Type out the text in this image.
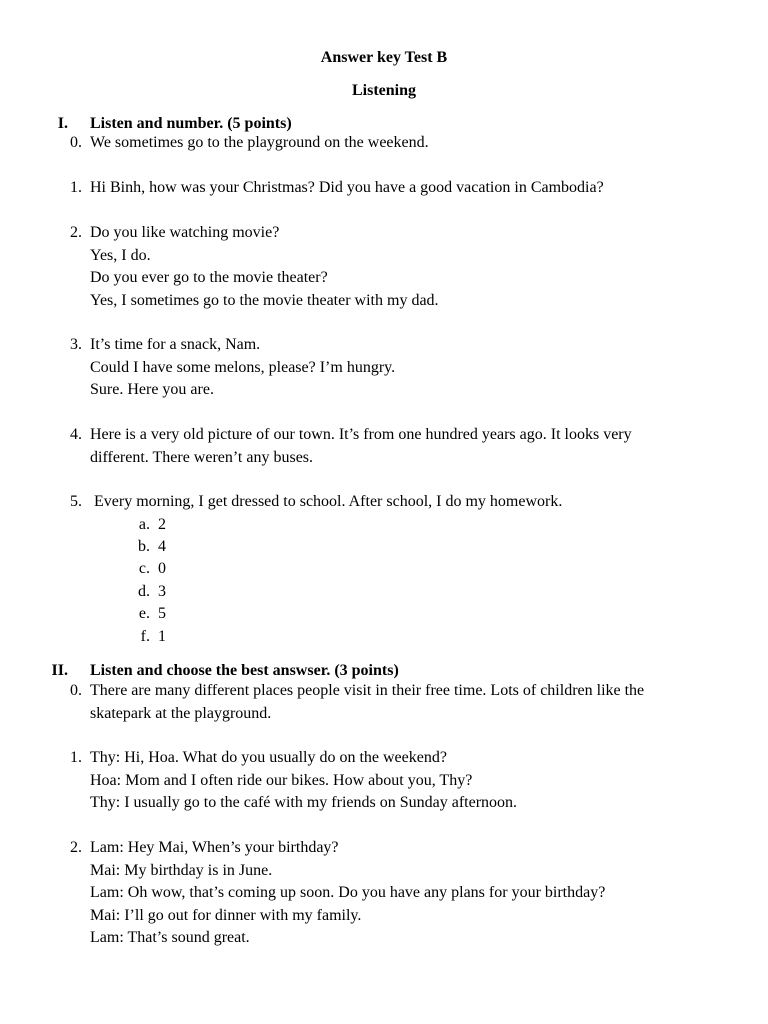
Answer key Test B
Listening
I. Listen and number. (5 points)
0. We sometimes go to the playground on the weekend.
1. Hi Binh, how was your Christmas? Did you have a good vacation in Cambodia?
2. Do you like watching movie?
Yes, I do.
Do you ever go to the movie theater?
Yes, I sometimes go to the movie theater with my dad.
3. It’s time for a snack, Nam.
Could I have some melons, please? I’m hungry.
Sure. Here you are.
4. Here is a very old picture of our town. It’s from one hundred years ago. It looks very
different. There weren’t any buses.
5. Every morning, I get dressed to school. After school, I do my homework.
a. 2
b. 4
c. 0
d. 3
e. 5
f. 1
II. Listen and choose the best answser. (3 points)
0. There are many different places people visit in their free time. Lots of children like the
skatepark at the playground.
1. Thy: Hi, Hoa. What do you usually do on the weekend?
Hoa: Mom and I often ride our bikes. How about you, Thy?
Thy: I usually go to the café with my friends on Sunday afternoon.
2. Lam: Hey Mai, When’s your birthday?
Mai: My birthday is in June.
Lam: Oh wow, that’s coming up soon. Do you have any plans for your birthday?
Mai: I’ll go out for dinner with my family.
Lam: That’s sound great.
